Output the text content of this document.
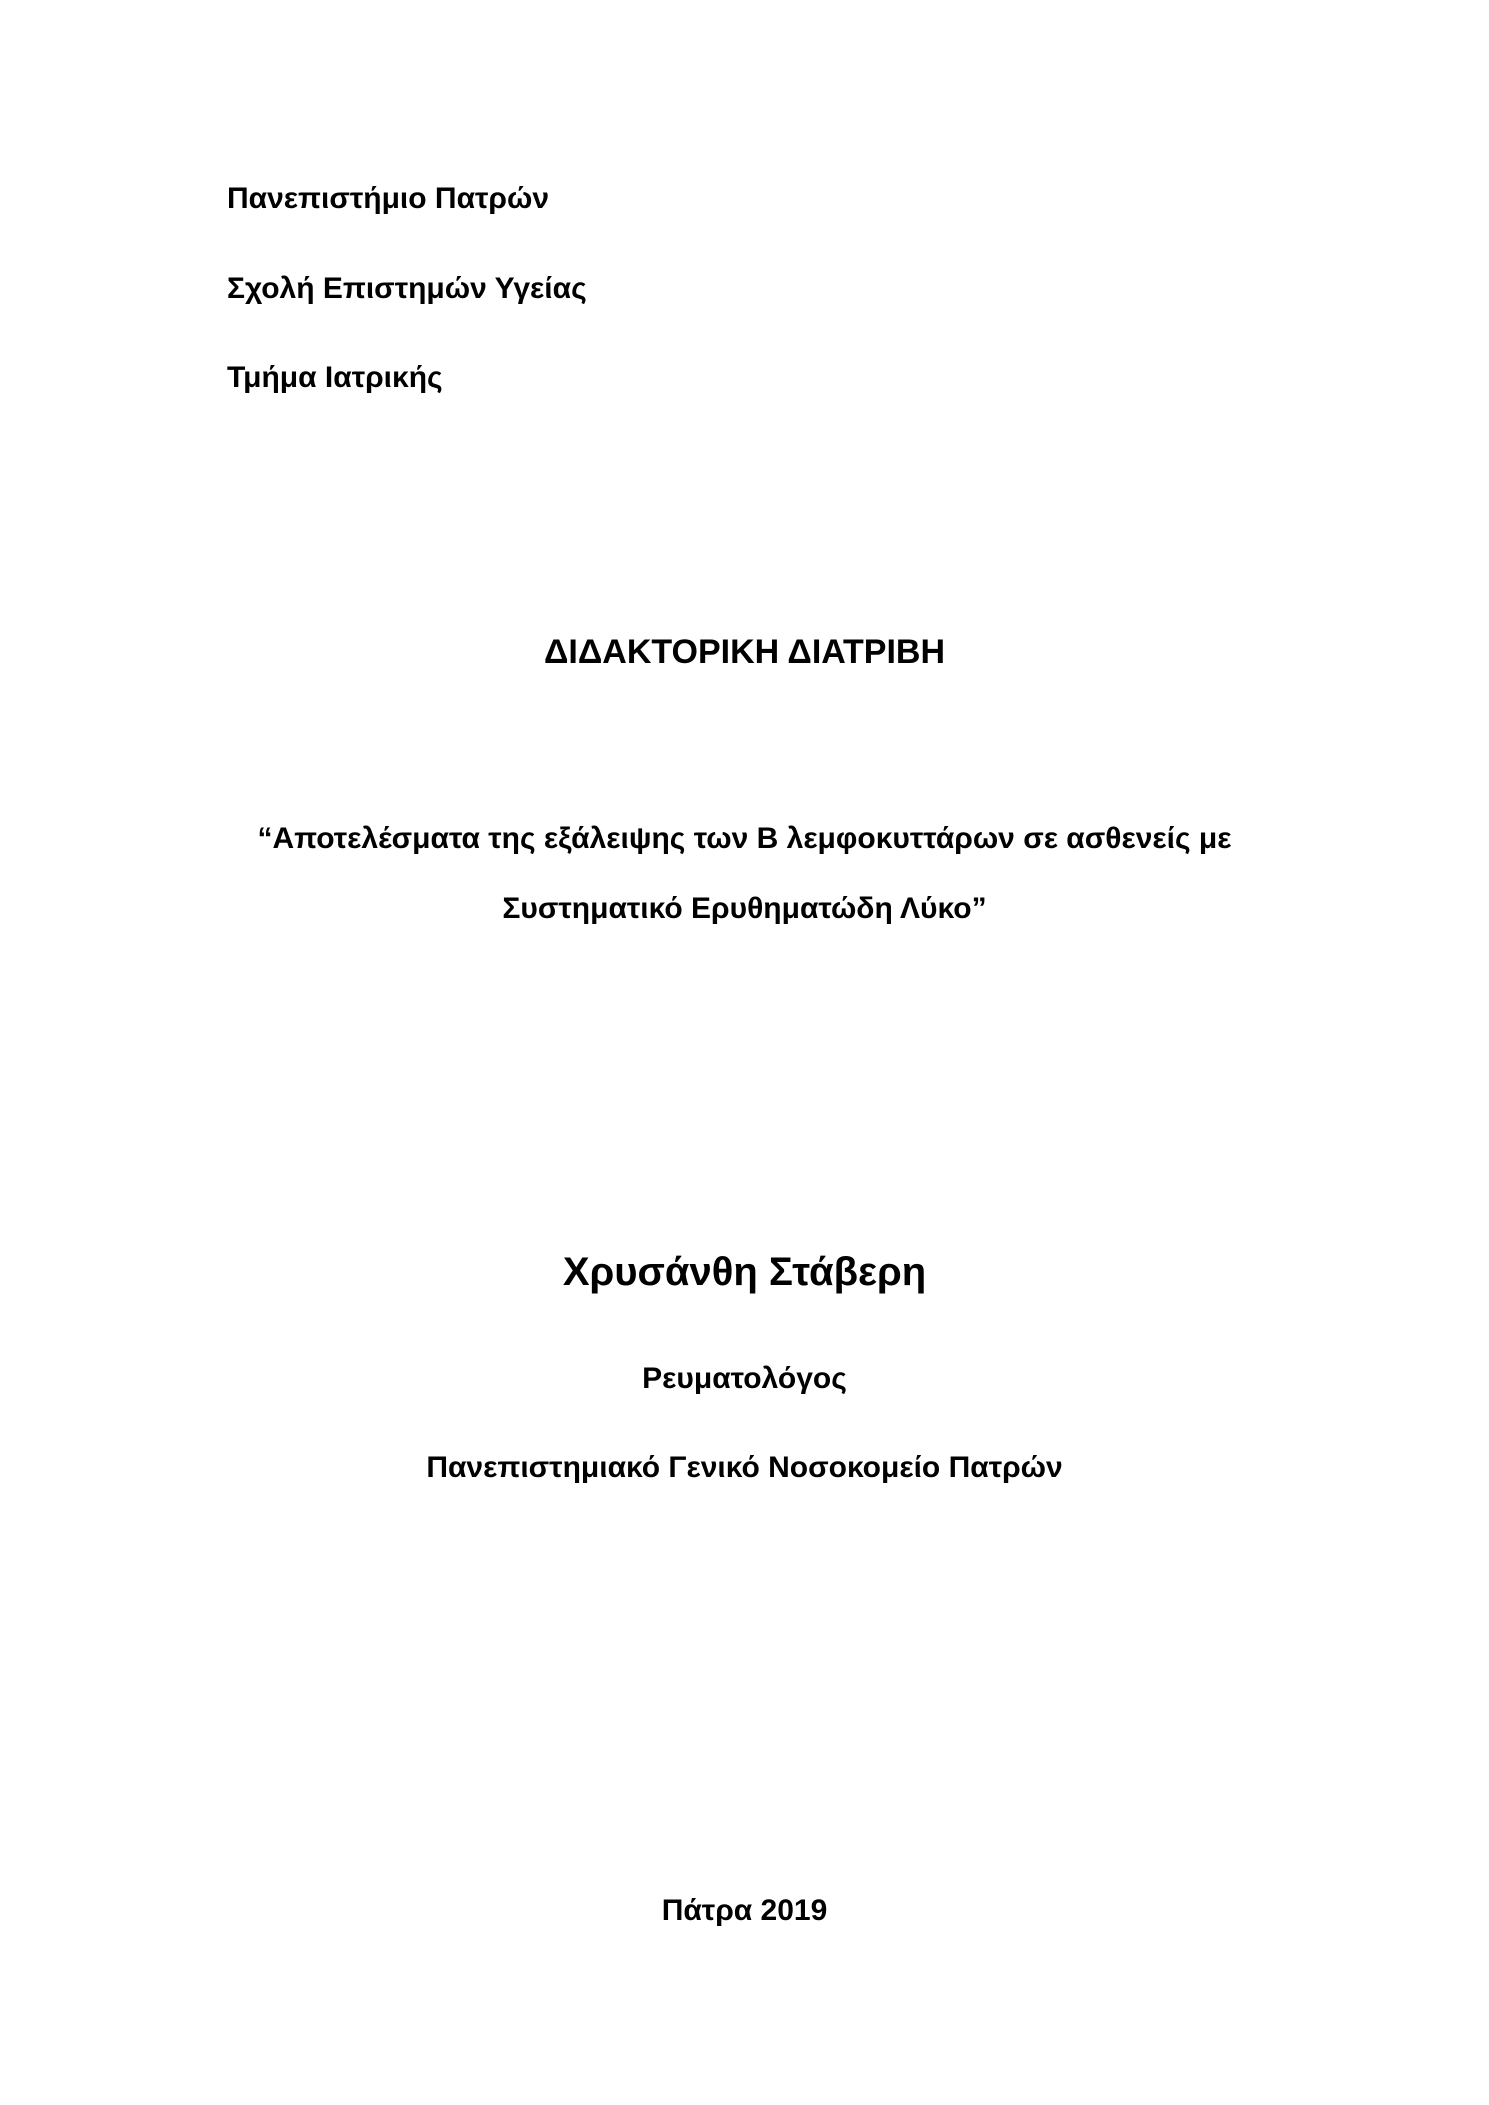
Πανεπιστήμιο Πατρών
Σχολή Επιστημών Υγείας
Τμήμα Ιατρικής
ΔΙΔΑΚΤΟΡΙΚΗ ΔΙΑΤΡΙΒΗ
“Αποτελέσματα της εξάλειψης των Β λεμφοκυττάρων σε ασθενείς με
Συστηματικό Ερυθηματώδη Λύκο”
Χρυσάνθη Στάβερη
Ρευματολόγος
Πανεπιστημιακό Γενικό Νοσοκομείο Πατρών
Πάτρα 2019
